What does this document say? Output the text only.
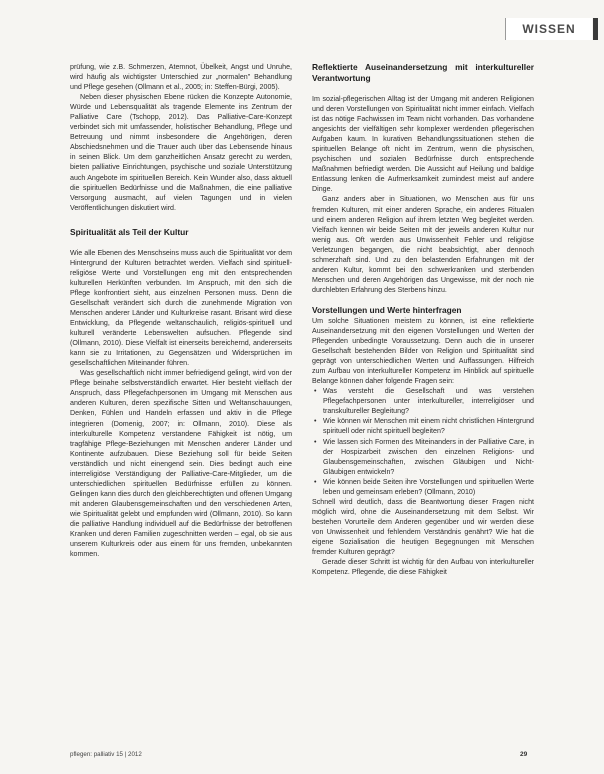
WISSEN

prüfung, wie z.B. Schmerzen, Atemnot, Übelkeit, Angst und Unruhe, wird häufig als wichtigster Unterschied zur „normalen" Behandlung und Pflege gesehen (Ollmann et al., 2005; in: Steffen-Bürgi, 2005).

Neben dieser physischen Ebene rücken die Konzepte Autonomie, Würde und Lebensqualität als tragende Elemente ins Zentrum der Palliative Care (Tschopp, 2012). Das Palliative-Care-Konzept verbindet sich mit umfassender, holistischer Behandlung, Pflege und Betreuung und nimmt insbesondere die Angehörigen, deren Abschiedsnehmen und die Trauer auch über das Lebensende hinaus in seinen Blick. Um dem ganzheitlichen Ansatz gerecht zu werden, bieten palliative Einrichtungen, psychische und soziale Unterstützung auch Angebote im spirituellen Bereich. Kein Wunder also, dass aktuell die spirituellen Bedürfnisse und die Maßnahmen, die eine palliative Versorgung ausmacht, auf vielen Tagungen und in vielen Veröffentlichungen diskutiert wird.

Spiritualität als Teil der Kultur

Wie alle Ebenen des Menschseins muss auch die Spiritualität vor dem Hintergrund der Kulturen betrachtet werden. Vielfach sind spirituell-religiöse Werte und Vorstellungen eng mit den entsprechenden kulturellen Herkünften verbunden. Im Anspruch, mit den sich die Pflege konfrontiert sieht, aus einzelnen Personen muss. Denn die Gesellschaft verändert sich durch die zunehmende Migration von Menschen anderer Länder und Kulturkreise rasant. Brisant wird diese Entwicklung, da Pflegende weltanschaulich, religiös-spirituell und kulturell veränderte Lebenswelten aufsuchen. Pflegende sind (Ollmann, 2010). Diese Vielfalt ist einerseits bereichernd, andererseits kann sie zu Irritationen, zu Gegensätzen und Widersprüchen im gesellschaftlichen Miteinander führen.

Was gesellschaftlich nicht immer befriedigend gelingt, wird von der Pflege beinahe selbstverständlich erwartet. Hier besteht vielfach der Anspruch, dass Pflegefachpersonen im Umgang mit Menschen aus anderen Kulturen, deren spezifische Sitten und Weltanschauungen, Denken, Fühlen und Handeln erfassen und aktiv in die Pflege integrieren (Domenig, 2007; in: Ollmann, 2010). Diese als interkulturelle Kompetenz verstandene Fähigkeit ist nötig, um tragfähige Pflege-Beziehungen mit Menschen anderer Länder und Kontinente aufzubauen. Diese Beziehung soll für beide Seiten verständlich und nicht einengend sein. Dies bedingt auch eine interreligiöse Verständigung der Palliative-Care-Mitglieder, um die unterschiedlichen spirituellen Bedürfnisse erfüllen zu können. Gelingen kann dies durch den gleichberechtigten und offenen Umgang mit anderen Glaubensgemeinschaften und den verschiedenen Arten, wie Spiritualität gelebt und empfunden wird (Ollmann, 2010). So kann die palliative Handlung individuell auf die Bedürfnisse der betroffenen Kranken und deren Familien zugeschnitten werden – egal, ob sie aus unserem Kulturkreis oder aus einem für uns fremden, unbekannten kommen.

Reflektierte Auseinandersetzung mit interkultureller Verantwortung

Im sozial-pflegerischen Alltag ist der Umgang mit anderen Religionen und deren Vorstellungen von Spiritualität nicht immer einfach. Vielfach ist das nötige Fachwissen im Team nicht vorhanden. Das vorhandene angesichts der vielfältigen sehr komplexer werdenden pflegerischen Aufgaben kaum. In kurativen Behandlungssituationen stehen die spirituellen Belange oft nicht im Zentrum, wenn die physischen, psychischen und sozialen Bedürfnisse durch entsprechende Maßnahmen befriedigt werden. Die Aussicht auf Heilung und baldige Entlassung lenken die Aufmerksamkeit zumindest meist auf andere Dinge.

Ganz anders aber in Situationen, wo Menschen aus für uns fremden Kulturen, mit einer anderen Sprache, ein anderes Ritualen und einem anderen Religion auf ihrem letzten Weg begleitet werden. Vielfach kennen wir beide Seiten mit der jeweils anderen Kultur nur wenig aus. Oft werden aus Unwissenheit Fehler und religiöse Verletzungen begangen, die nicht beabsichtigt, aber dennoch schmerzhaft sind. Und zu den belastenden Erfahrungen mit der anderen Kultur, kommt bei den schwerkranken und sterbenden Menschen und deren Angehörigen das Ungewisse, mit der noch nie durchlebten Erfahrung des Sterbens hinzu.

Vorstellungen und Werte hinterfragen

Um solche Situationen meistern zu können, ist eine reflektierte Auseinandersetzung mit den eigenen Vorstellungen und Werten der Pflegenden unbedingte Voraussetzung. Denn auch die in unserer Gesellschaft bestehenden Bilder von Religion und Spiritualität sind geprägt von unterschiedlichen Werten und Auffassungen. Hilfreich zum Aufbau von interkultureller Kompetenz im Hinblick auf spirituelle Belange können daher folgende Fragen sein:

• Was versteht die Gesellschaft und was verstehen Pflegefachpersonen unter interkultureller, interreligiöser und transkultureller Begleitung?
• Wie können wir Menschen mit einem nicht christlichen Hintergrund spirituell oder nicht spirituell begleiten?
• Wie lassen sich Formen des Miteinanders in der Palliative Care, in der Hospizarbeit zwischen den einzelnen Religions- und Glaubensgemeinschaften, zwischen Gläubigen und Nicht-Gläubigen entwickeln?
• Wie können beide Seiten ihre Vorstellungen und spirituellen Werte leben und gemeinsam erleben? (Ollmann, 2010)

Schnell wird deutlich, dass die Beantwortung dieser Fragen nicht möglich wird, ohne die Auseinandersetzung mit dem Selbst. Wir bestehen Vorurteile dem Anderen gegenüber und wir werden diese von Unwissenheit und fehlendem Verständnis genährt? Wie hat die eigene Sozialisation die heutigen Begegnungen mit Menschen fremder Kulturen geprägt?

Gerade dieser Schritt ist wichtig für den Aufbau von interkultureller Kompetenz. Pflegende, die diese Fähigkeit

pflegen: palliativ 15 | 2012	29
